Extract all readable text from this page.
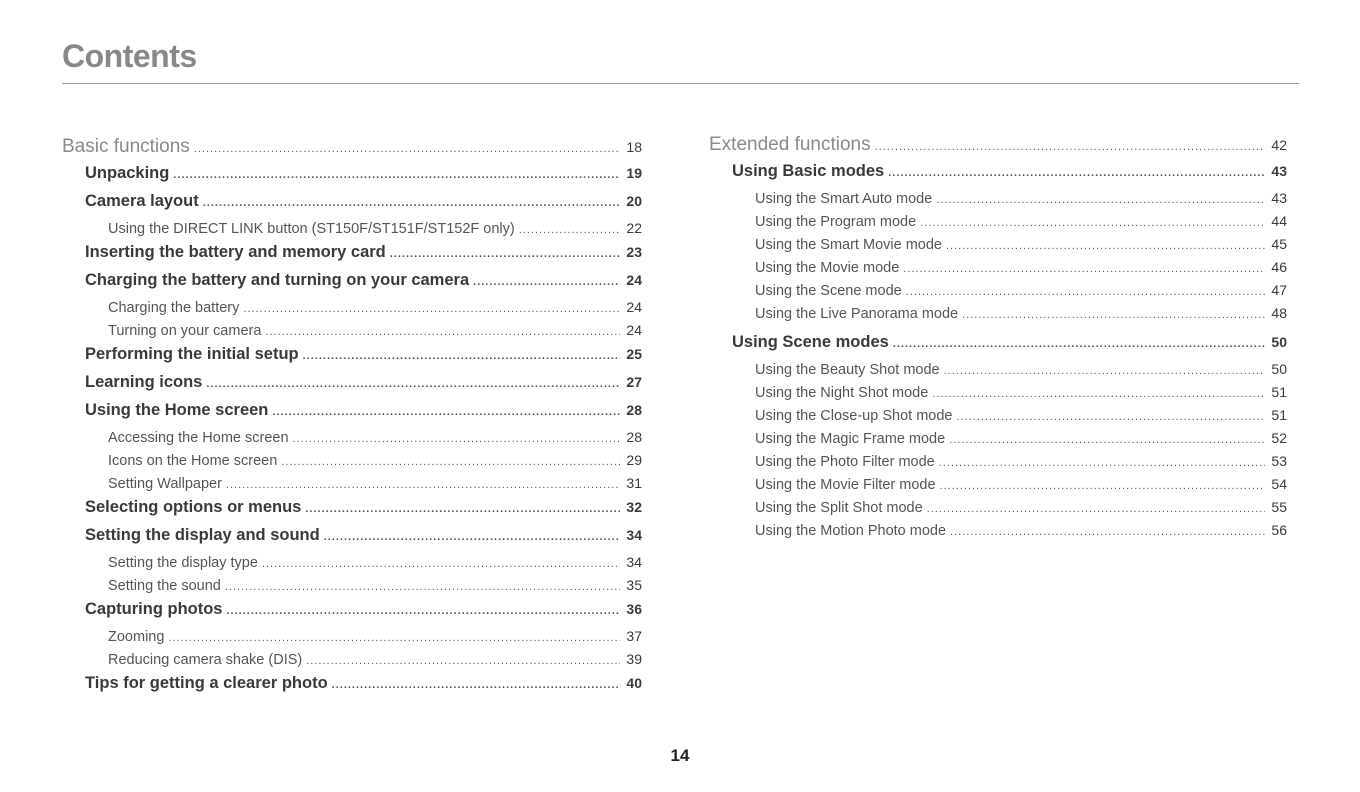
Contents
Basic functions .....	18
Unpacking .....	19
Camera layout .....	20
Using the DIRECT LINK button (ST150F/ST151F/ST152F only) .....	22
Inserting the battery and memory card .....	23
Charging the battery and turning on your camera .....	24
Charging the battery .....	24
Turning on your camera .....	24
Performing the initial setup .....	25
Learning icons .....	27
Using the Home screen .....	28
Accessing the Home screen .....	28
Icons on the Home screen .....	29
Setting Wallpaper .....	31
Selecting options or menus .....	32
Setting the display and sound .....	34
Setting the display type .....	34
Setting the sound .....	35
Capturing photos .....	36
Zooming .....	37
Reducing camera shake (DIS) .....	39
Tips for getting a clearer photo .....	40
Extended functions .....	42
Using Basic modes .....	43
Using the Smart Auto mode .....	43
Using the Program mode .....	44
Using the Smart Movie mode .....	45
Using the Movie mode .....	46
Using the Scene mode .....	47
Using the Live Panorama mode .....	48
Using Scene modes .....	50
Using the Beauty Shot mode .....	50
Using the Night Shot mode .....	51
Using the Close-up Shot mode .....	51
Using the Magic Frame mode .....	52
Using the Photo Filter mode .....	53
Using the Movie Filter mode .....	54
Using the Split Shot mode .....	55
Using the Motion Photo mode .....	56
14
